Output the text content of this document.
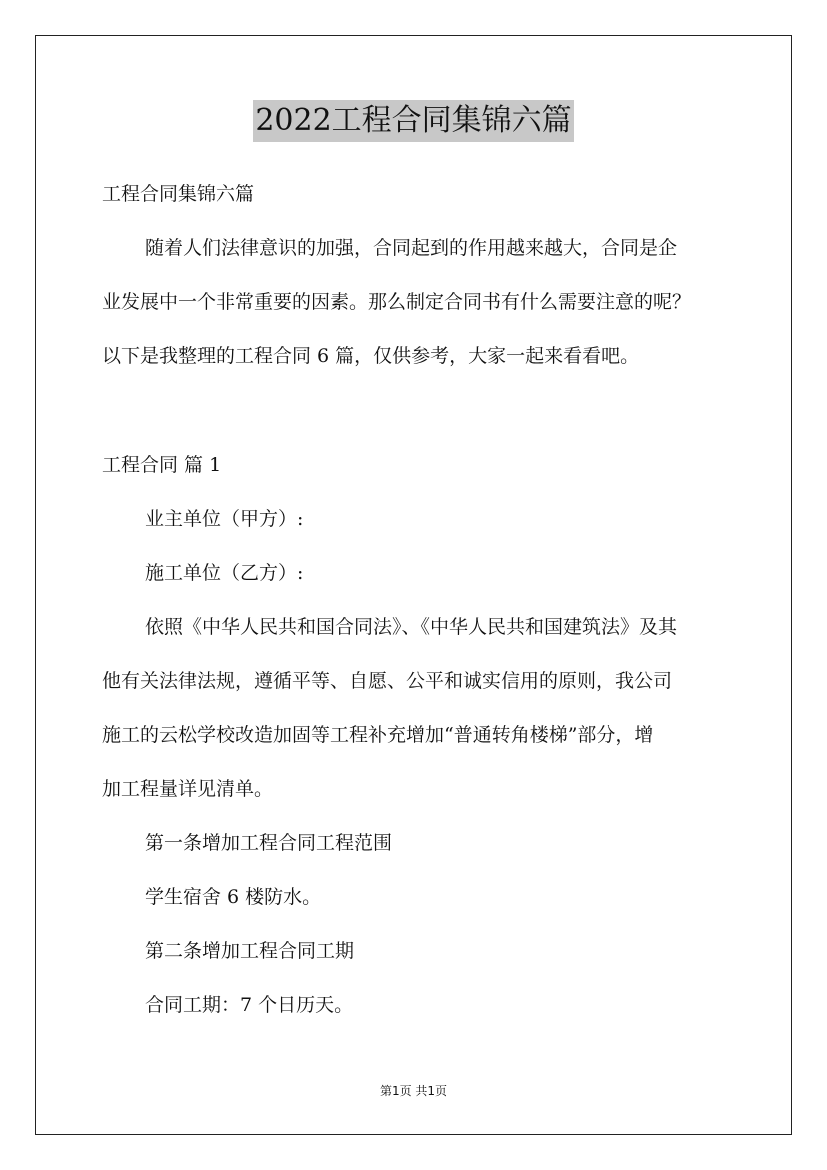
2022工程合同集锦六篇
工程合同集锦六篇
随着人们法律意识的加强，合同起到的作用越来越大，合同是企
业发展中一个非常重要的因素。那么制定合同书有什么需要注意的呢？
以下是我整理的工程合同 6 篇，仅供参考，大家一起来看看吧。
工程合同 篇 1
业主单位（甲方）:
施工单位（乙方）:
依照《中华人民共和国合同法》、《中华人民共和国建筑法》及其
他有关法律法规，遵循平等、自愿、公平和诚实信用的原则，我公司
施工的云松学校改造加固等工程补充增加“普通转角楼梯”部分，增
加工程量详见清单。
第一条增加工程合同工程范围
学生宿舍 6 楼防水。
第二条增加工程合同工期
合同工期：7 个日历天。
第1页 共1页
